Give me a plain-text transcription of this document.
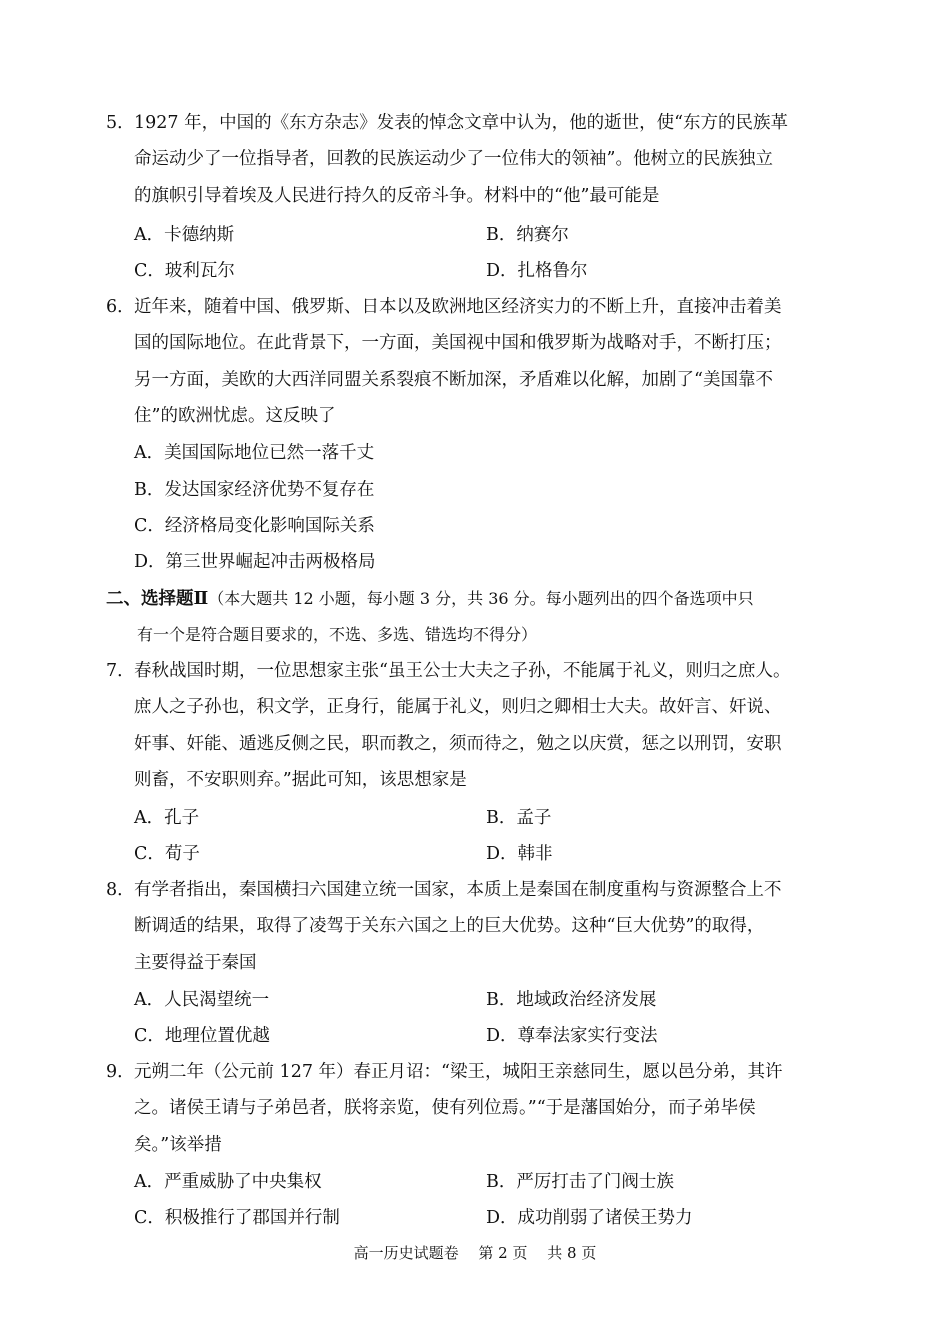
5．1927 年，中国的《东方杂志》发表的悼念文章中认为，他的逝世，使“东方的民族革
命运动少了一位指导者，回教的民族运动少了一位伟大的领袖”。他树立的民族独立
的旗帜引导着埃及人民进行持久的反帝斗争。材料中的“他”最可能是
A．卡德纳斯	B．纳赛尔
C．玻利瓦尔	D．扎格鲁尔
6．近年来，随着中国、俄罗斯、日本以及欧洲地区经济实力的不断上升，直接冲击着美
国的国际地位。在此背景下，一方面，美国视中国和俄罗斯为战略对手，不断打压；
另一方面，美欧的大西洋同盟关系裂痕不断加深，矛盾难以化解，加剧了“美国靠不
住”的欧洲忧虑。这反映了
A．美国国际地位已然一落千丈
B．发达国家经济优势不复存在
C．经济格局变化影响国际关系
D．第三世界崛起冲击两极格局
二、选择题Ⅱ（本大题共 12 小题，每小题 3 分，共 36 分。每小题列出的四个备选项中只
有一个是符合题目要求的，不选、多选、错选均不得分）
7．春秋战国时期，一位思想家主张“虽王公士大夫之子孙，不能属于礼义，则归之庶人。
庶人之子孙也，积文学，正身行，能属于礼义，则归之卿相士大夫。故奸言、奸说、
奸事、奸能、遁逃反侧之民，职而教之，须而待之，勉之以庆赏，惩之以刑罚，安职
则畜，不安职则弃。”据此可知，该思想家是
A．孔子	B．孟子
C．荀子	D．韩非
8．有学者指出，秦国横扫六国建立统一国家，本质上是秦国在制度重构与资源整合上不
断调适的结果，取得了凌驾于关东六国之上的巨大优势。这种“巨大优势”的取得，
主要得益于秦国
A．人民渴望统一	B．地域政治经济发展
C．地理位置优越	D．尊奉法家实行变法
9．元朔二年（公元前 127 年）春正月诏：“梁王，城阳王亲慈同生，愿以邑分弟，其许
之。诸侯王请与子弟邑者，朕将亲览，使有列位焉。”“于是藩国始分，而子弟毕侯
矣。”该举措
A．严重威胁了中央集权	B．严厉打击了门阀士族
C．积极推行了郡国并行制	D．成功削弱了诸侯王势力
高一历史试题卷　 第 2 页　 共 8 页
